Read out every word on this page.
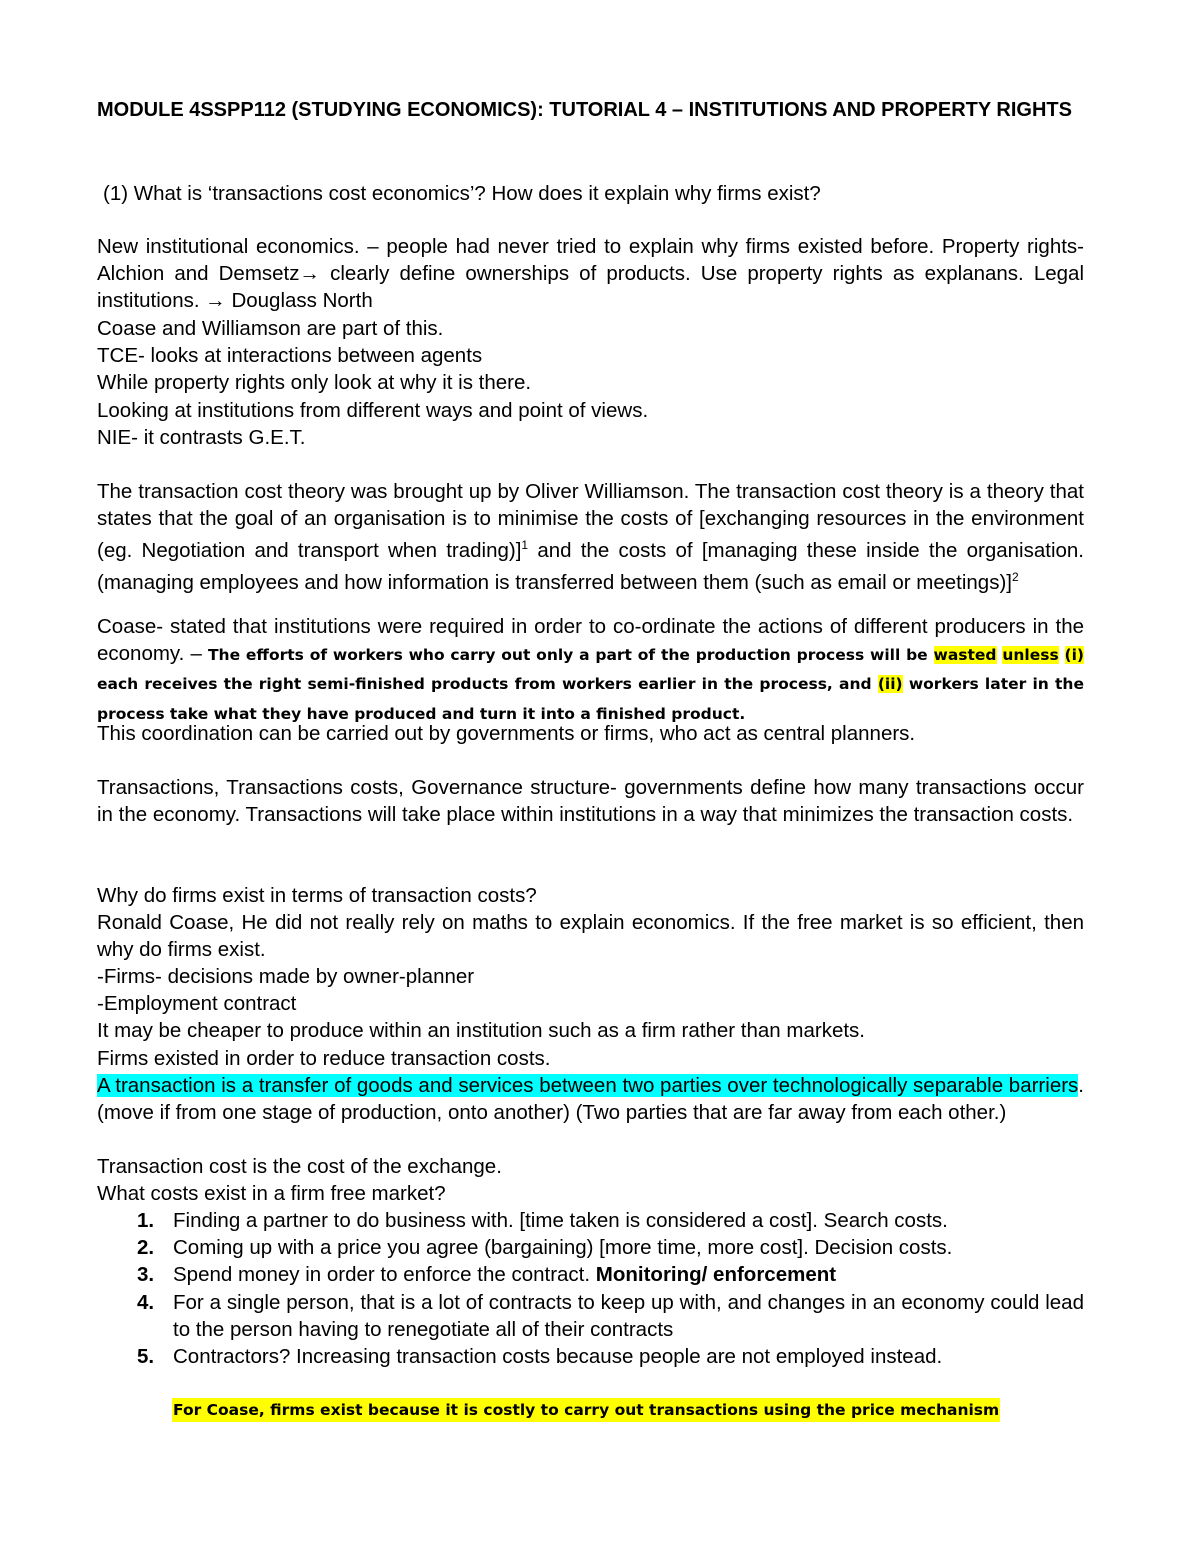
MODULE 4SSPP112 (STUDYING ECONOMICS): TUTORIAL 4 – INSTITUTIONS AND PROPERTY RIGHTS
(1) What is ‘transactions cost economics’? How does it explain why firms exist?
New institutional economics. – people had never tried to explain why firms existed before. Property rights- Alchion and Demsetz→ clearly define ownerships of products. Use property rights as explanans. Legal institutions. → Douglass North
Coase and Williamson are part of this.
TCE- looks at interactions between agents
While property rights only look at why it is there.
Looking at institutions from different ways and point of views.
NIE- it contrasts G.E.T.
The transaction cost theory was brought up by Oliver Williamson. The transaction cost theory is a theory that states that the goal of an organisation is to minimise the costs of [exchanging resources in the environment (eg. Negotiation and transport when trading)]$^1$ and the costs of [managing these inside the organisation. (managing employees and how information is transferred between them (such as email or meetings)]$^2$
Coase- stated that institutions were required in order to co-ordinate the actions of different producers in the economy. – The efforts of workers who carry out only a part of the production process will be wasted unless (i) each receives the right semi-finished products from workers earlier in the process, and (ii) workers later in the process take what they have produced and turn it into a finished product.
This coordination can be carried out by governments or firms, who act as central planners.
Transactions, Transactions costs, Governance structure- governments define how many transactions occur in the economy. Transactions will take place within institutions in a way that minimizes the transaction costs.
Why do firms exist in terms of transaction costs?
Ronald Coase, He did not really rely on maths to explain economics. If the free market is so efficient, then why do firms exist.
-Firms- decisions made by owner-planner
-Employment contract
It may be cheaper to produce within an institution such as a firm rather than markets.
Firms existed in order to reduce transaction costs.
A transaction is a transfer of goods and services between two parties over technologically separable barriers. (move if from one stage of production, onto another) (Two parties that are far away from each other.)
Transaction cost is the cost of the exchange.
What costs exist in a firm free market?
1. Finding a partner to do business with. [time taken is considered a cost]. Search costs.
2. Coming up with a price you agree (bargaining) [more time, more cost]. Decision costs.
3. Spend money in order to enforce the contract. Monitoring/ enforcement
4. For a single person, that is a lot of contracts to keep up with, and changes in an economy could lead to the person having to renegotiate all of their contracts
5. Contractors? Increasing transaction costs because people are not employed instead.
For Coase, firms exist because it is costly to carry out transactions using the price mechanism
